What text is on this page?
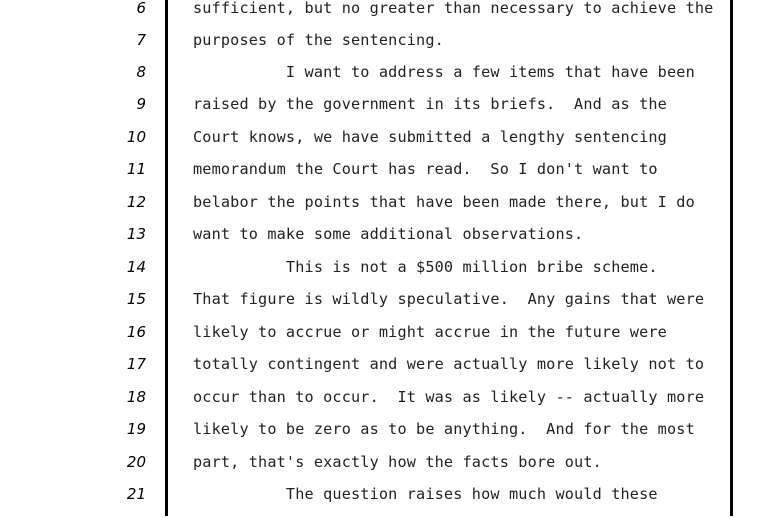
6	sufficient, but no greater than necessary to achieve the
7	purposes of the sentencing.
8	I want to address a few items that have been
9	raised by the government in its briefs.  And as the
10	Court knows, we have submitted a lengthy sentencing
11	memorandum the Court has read.  So I don't want to
12	belabor the points that have been made there, but I do
13	want to make some additional observations.
14	This is not a $500 million bribe scheme.
15	That figure is wildly speculative.  Any gains that were
16	likely to accrue or might accrue in the future were
17	totally contingent and were actually more likely not to
18	occur than to occur.  It was as likely -- actually more
19	likely to be zero as to be anything.  And for the most
20	part, that's exactly how the facts bore out.
21	The question raises how much would these
